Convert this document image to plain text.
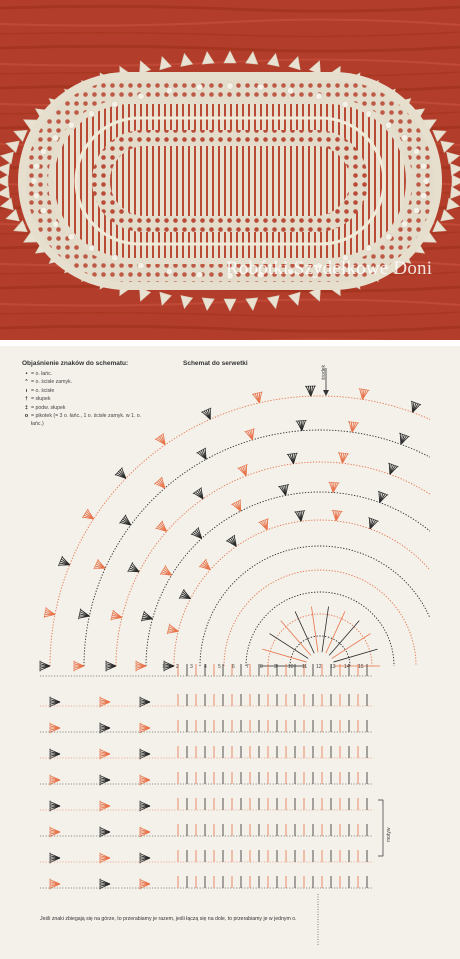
Robótki Szydełkowe Doni
Objaśnienie znaków do schematu:	Schemat do serwetki
• = o. łańc.
⌃ = o. ścisłe zamyk.
ı = o. ścisłe
† = słupek
‡ = podw. słupek
o = pikotek (= 3 o. łańc., 1 o. ścisłe zamyk. w 1. o. łańc.)
środek
motyw
1 2 3 4 5 6 7 8 9 10 11 12 13 14 15
Jeśli znaki zbiegają się na górze, to przerabiamy je razem, jeśli łączą się na dole, to przerabiamy je w jednym o.
